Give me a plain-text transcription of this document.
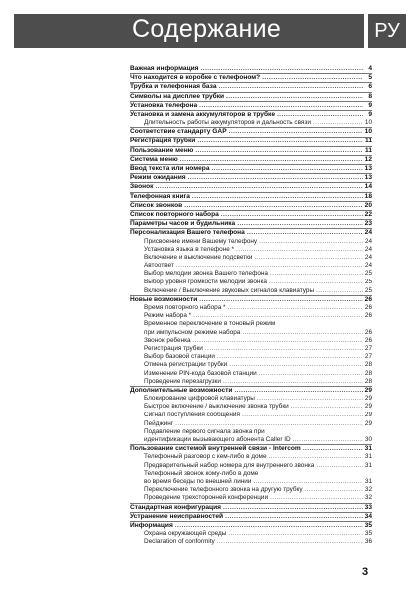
Содержание	РУ
Важная информация .....	4
Что находится в коробке с телефоном? .....	5
Трубка и телефонная база .....	6
Символы на дисплее трубки .....	8
Установка телефона .....	9
Установка и замена аккумуляторов в трубке .....	9
Длительность работы аккумуляторов и дальность связи .....	10
Соответствие стандарту GAP .....	10
Регистрация трубки .....	11
Пользование меню .....	11
Система меню .....	12
Ввод текста или номера .....	13
Режим ожидания .....	13
Звонок .....	14
Телефонная книга .....	18
Список звонков .....	20
Список повторного набора .....	22
Параметры часов и будильника .....	23
Персонализация Вашего телефона .....	24
Присвоение имени Вашему телефону .....	24
Установка языка в телефоне * .....	24
Включение и выключение подсветки .....	24
Автоответ .....	24
Выбор мелодии звонка Вашего телефона .....	25
Выбор уровня громкости мелодии звонка .....	25
Включение / Выключение звуковых сигналов клавиатуры .....	25
Новые возможности .....	26
Время повторного набора * .....	26
Режим набора * .....	26
Временное переключение в тоновый режим
при импульсном режиме набора .....	26
Звонок ребенка .....	26
Регистрация трубки .....	27
Выбор базовой станции .....	27
Отмена регистрации трубки .....	28
Изменение PIN-кода базовой станции .....	28
Проведение перезагрузки .....	28
Дополнительные возможности .....	29
Блокирование цифровой клавиатуры .....	29
Быстрое включение / выключение звонка трубки .....	29
Сигнал поступления сообщения .....	29
Пейджинг .....	29
Подавление первого сигнала звонка при
идентификации вызывающего абонента Caller ID .....	30
Пользование системой внутренней связи - Intercom .....	31
Телефонный разговор с кем-либо в доме .....	31
Предварительный набор номера для внутреннего звонка .....	31
Телефонный звонок кому-либо в доме
во время беседы по внешней линии .....	31
Переключение телефонного звонка на другую трубку .....	32
Проведение трехсторонней конференции .....	32
Стандартная конфигурация .....	33
Устранение неисправностей .....	34
Информация .....	35
Охрана окружающей среды .....	35
Declaration of conformity .....	36
3
